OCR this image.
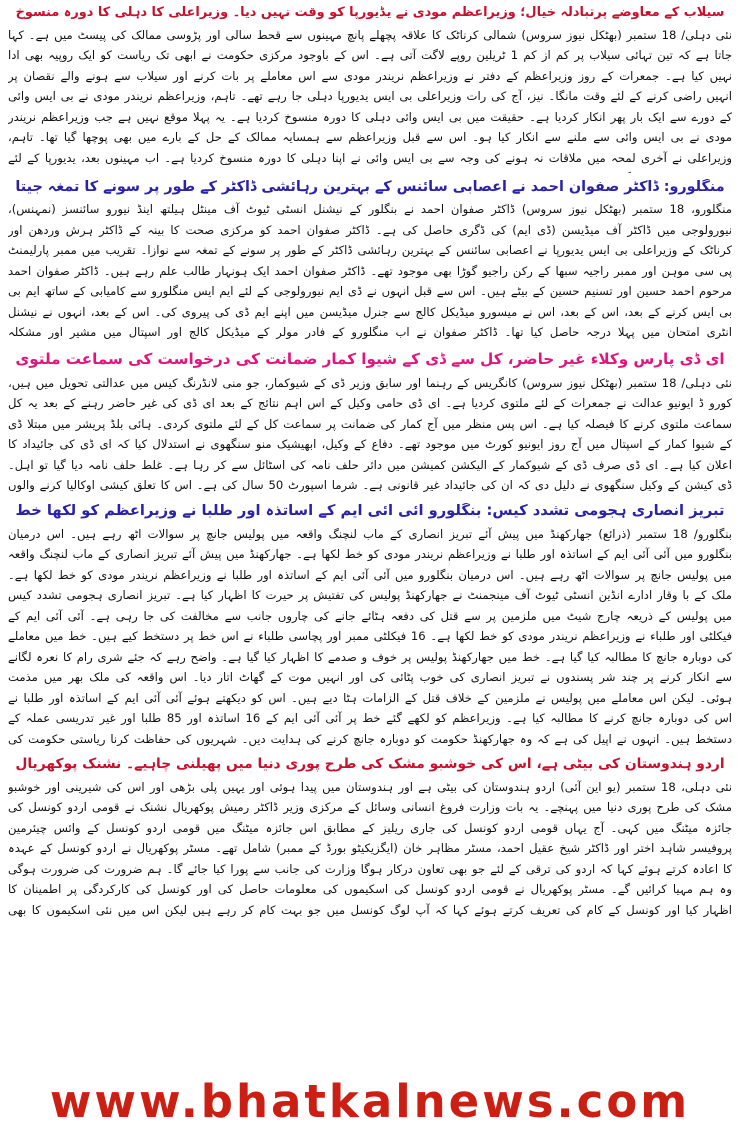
سیلاب کے معاوضے پرتبادلہ خیال؛ وزیراعظم مودی نے یڈیورپا کو وقت نہیں دیا۔ وزیراعلی کا دہلی کا دورہ منسوخ

نئی دہلی/ 18 ستمبر (بھٹکل نیوز سروس) شمالی کرناٹک کا علاقہ پچھلے پانچ مہینوں سے قحط سالی اور پڑوسی ممالک کی پیسٹ میں ہے۔ کہا جاتا ہے کہ تین تہائی سیلاب پر کم از کم 1 ٹریلین روپے لاگت آتی ہے۔ اس کے باوجود مرکزی حکومت نے ابھی تک ریاست کو ایک روپیہ بھی ادا نہیں کیا ہے۔ جمعرات کے روز وزیراعظم کے دفتر نے وزیراعظم نریندر مودی سے اس معاملے پر بات کرنے اور سیلاب سے ہونے والے نقصان پر انہیں راضی کرنے کے لئے وقت مانگا۔ نیز، آج کی رات وزیراعلی بی ایس یدیورپا دہلی جا رہے تھے۔ تاہم، وزیراعظم نریندر مودی نے بی ایس وائی کے دورے سے ایک بار پھر انکار کردیا ہے۔ حقیقت میں بی ایس وائی دہلی کا دورہ منسوخ کردیا ہے۔ یہ پہلا موقع نہیں ہے جب وزیراعظم نریندر مودی نے بی ایس وائی سے ملنے سے انکار کیا ہو۔ اس سے قبل وزیراعظم سے ہمسایہ ممالک کے حل کے بارے میں بھی پوچھا گیا تھا۔ تاہم، وزیراعلی نے آخری لمحہ میں ملاقات نہ ہونے کی وجہ سے بی ایس وائی نے اپنا دہلی کا دورہ منسوخ کردیا ہے۔ اب مہینوں بعد، یدیورپا کے لئے

منگلورو: ڈاکٹر صفوان احمد نے اعصابی سائنس کے بہترین رہائشی ڈاکٹر کے طور پر سونے کا تمغہ جیتا

منگلورو، 18 ستمبر (بھٹکل نیوز سروس) ڈاکٹر صفوان احمد نے بنگلور کے نیشنل انسٹی ٹیوٹ آف مینٹل ہیلتھ اینڈ نیورو سائنسز (نمہنس)، نیورولوجی میں ڈاکٹر آف میڈیسن (ڈی ایم) کی ڈگری حاصل کی ہے۔ ڈاکٹر صفوان احمد کو مرکزی صحت کا بینہ کے ڈاکٹر ہرش وردھن اور کرناٹک کے وزیراعلی بی ایس یدیورپا نے اعصابی سائنس کے بہترین رہائشی ڈاکٹر کے طور پر سونے کے تمغہ سے نوازا۔ تقریب میں ممبر پارلیمنٹ پی سی موہن اور ممبر راجیہ سبھا کے رکن راجیو گوڑا بھی موجود تھے۔ ڈاکٹر صفوان احمد ایک ہونہار طالب علم رہے ہیں۔ ڈاکٹر صفوان احمد مرحوم احمد حسین اور تسنیم حسین کے بیٹے ہیں۔ اس سے قبل انہوں نے ڈی ایم نیورولوجی کے لئے ایم ایس منگلورو سے کامیابی کے ساتھ ایم بی بی ایس کرنے کے بعد، اس کے بعد، اس نے میسورو میڈیکل کالج سے جنرل میڈیسن میں اپنے ایم ڈی کی پیروی کی۔ اس کے بعد، انہوں نے نیشنل انٹری امتحان میں پہلا درجہ حاصل کیا تھا۔ ڈاکٹر صفوان نے اب منگلورو کے فادر مولر کے میڈیکل کالج اور اسپتال میں مشیر اور مشکلہ

ای ڈی پارس وکلاء غیر حاضر، کل سے ڈی کے شیوا کمار ضمانت کی درخواست کی سماعت ملتوی

نئی دہلی/ 18 ستمبر (بھٹکل نیوز سروس) کانگریس کے رہنما اور سابق وزیر ڈی کے شیوکمار، جو منی لانڈرنگ کیس میں عدالتی تحویل میں ہیں، کورو ڈ ایونیو عدالت نے جمعرات کے لئے ملتوی کردیا ہے۔ ای ڈی حامی وکیل کے اس اہم نتائج کے بعد ای ڈی کی غیر حاضر رہنے کے بعد یہ کل سماعت ملتوی کرنے کا فیصلہ کیا ہے۔ اس پس منظر میں آج کمار کی ضمانت پر سماعت کل کے لئے ملتوی کردی۔ ہائی بلڈ پریشر میں مبتلا ڈی کے شیوا کمار کے اسپتال میں آج روز ایونیو کورٹ میں موجود تھے۔ دفاع کے وکیل، ابھیشیک منو سنگھوی نے استدلال کیا کہ ای ڈی کی جائیداد کا اعلان کیا ہے۔ ای ڈی صرف ڈی کے شیوکمار کے الیکشن کمیشن میں دائر حلف نامہ کی اسٹائل سے کر رہا ہے۔ غلط حلف نامہ دیا گیا تو اہل۔ ڈی کیشن کے وکیل سنگھوی نے دلیل دی کہ ان کی جائیداد غیر قانونی ہے۔ شرما اسپورٹ 50 سال کی ہے۔ اس کا تعلق کیشی اوکالیا کرنے والوں

تبریز انصاری ہجومی تشدد کیس: بنگلورو آئی آئی ایم کے اساتذہ اور طلبا نے وزیراعظم کو لکھا خط

بنگلورو/ 18 ستمبر (ذرائع) جھارکھنڈ میں پیش آئے تبریز انصاری کے ماب لنچنگ واقعہ میں پولیس جانچ پر سوالات اٹھ رہے ہیں۔ اس درمیان بنگلورو میں آئی آئی ایم کے اساتذہ اور طلبا نے وزیراعظم نریندر مودی کو خط لکھا ہے۔ جھارکھنڈ میں پیش آئے تبریز انصاری کے ماب لنچنگ واقعہ میں پولیس جانچ پر سوالات اٹھ رہے ہیں۔ اس درمیان بنگلورو میں آئی آئی ایم کے اساتذہ اور طلبا نے وزیراعظم نریندر مودی کو خط لکھا ہے۔ ملک کے با وقار ادارے انڈین انسٹی ٹیوٹ آف مینجمنٹ نے جھارکھنڈ پولیس کی تفتیش پر حیرت کا اظہار کیا ہے۔ تبریز انصاری ہجومی تشدد کیس میں پولیس کے ذریعہ چارج شیٹ میں ملزمین پر سے قتل کی دفعہ ہٹائے جانے کی چاروں جانب سے مخالفت کی جا رہی ہے۔ آئی آئی ایم کے فیکلٹی اور طلباء نے وزیراعظم نریندر مودی کو خط لکھا ہے۔ 16 فیکلٹی ممبر اور پچاسی طلباء نے اس خط پر دستخط کیے ہیں۔ خط میں معاملے کی دوبارہ جانچ کا مطالبہ کیا گیا ہے۔ خط میں جھارکھنڈ پولیس پر خوف و صدمے کا اظہار کیا گیا ہے۔ واضح رہے کہ جئے شری رام کا نعرہ لگانے سے انکار کرنے پر چند شر پسندوں نے تبریز انصاری کی خوب پٹائی کی اور انہیں موت کے گھاٹ اتار دیا۔ اس واقعہ کی ملک بھر میں مذمت ہوئی۔ لیکن اس معاملے میں پولیس نے ملزمین کے خلاف قتل کے الزامات ہٹا دیے ہیں۔ اس کو دیکھتے ہوئے آئی آئی ایم کے اساتذہ اور طلبا نے اس کی دوبارہ جانچ کرنے کا مطالبہ کیا ہے۔ وزیراعظم کو لکھے گئے خط پر آئی آئی ایم کے 16 اساتذہ اور 85 طلبا اور غیر تدریسی عملہ کے دستخط ہیں۔ انہوں نے اپیل کی ہے کہ وہ جھارکھنڈ حکومت کو دوبارہ جانچ کرنے کی ہدایت دیں۔ شہریوں کی حفاظت کرنا ریاستی حکومت کی

اردو ہندوستان کی بیٹی ہے، اس کی خوشبو مشک کی طرح پوری دنیا میں پھیلنی چاہیے۔ نشنک پوکھریال

نئی دہلی، 18 ستمبر (یو این آئی) اردو ہندوستان کی بیٹی ہے اور ہندوستان میں پیدا ہوئی اور یہیں پلی بڑھی اور اس کی شیرینی اور خوشبو مشک کی طرح پوری دنیا میں پہنچے۔ یہ بات وزارت فروغ انسانی وسائل کے مرکزی وزیر ڈاکٹر رمیش پوکھریال نشنک نے قومی اردو کونسل کی جائزہ میٹنگ میں کہی۔ آج یہاں قومی اردو کونسل کی جاری ریلیز کے مطابق اس جائزہ میٹنگ میں قومی اردو کونسل کے وائس چیئرمین پروفیسر شاہد اختر اور ڈاکٹر شیخ عقیل احمد، مسٹر مظاہر خان (ایگزیکیٹو بورڈ کے ممبر) شامل تھے۔ مسٹر پوکھریال نے اردو کونسل کے عہدہ کا اعادہ کرتے ہوئے کہا کہ اردو کی ترقی کے لئے جو بھی تعاون درکار ہوگا وزارت کی جانب سے پورا کیا جائے گا۔ ہم ضرورت کی ضرورت ہوگی وہ ہم مہیا کرائیں گے۔ مسٹر پوکھریال نے قومی اردو کونسل کی اسکیموں کی معلومات حاصل کی اور کونسل کی کارکردگی پر اطمینان کا اظہار کیا اور کونسل کے کام کی تعریف کرتے ہوئے کہا کہ آپ لوگ کونسل میں جو بہت کام کر رہے ہیں لیکن اس میں نئی اسکیموں کا بھی

www.bhatkalnews.com
